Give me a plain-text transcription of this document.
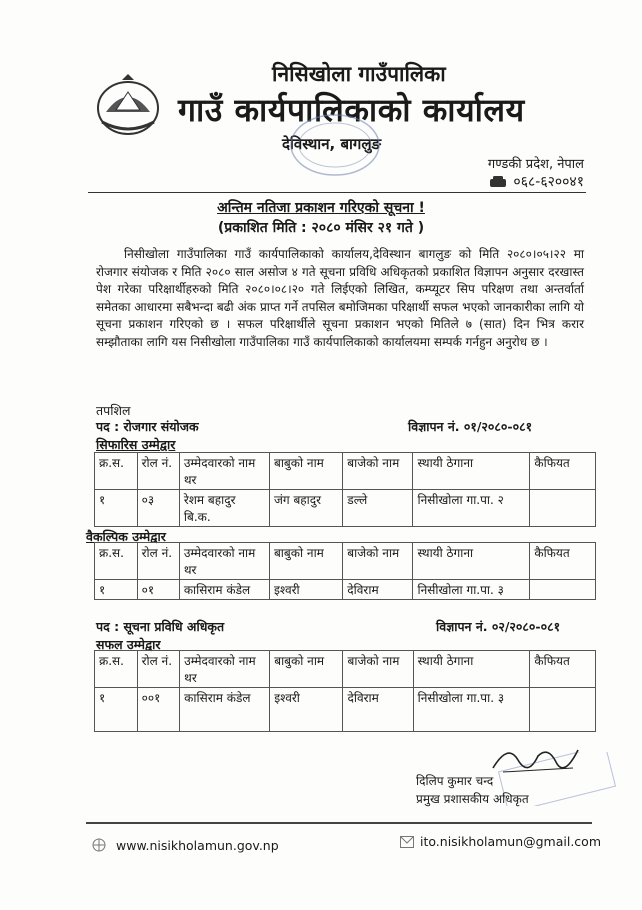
निसिखोला गाउँपालिका
गाउँ कार्यपालिकाको कार्यालय
देविस्थान, बागलुङ
गण्डकी प्रदेश, नेपाल
०६८-६२००४१
अन्तिम नतिजा प्रकाशन गरिएको सूचना !
(प्रकाशित मिति : २०८० मंसिर २१ गते )
निसीखोला गाउँपालिका गाउँ कार्यपालिकाको कार्यालय,देविस्थान बागलुङ को मिति २०८०।०५।२२ मा रोजगार संयोजक र मिति २०८० साल असोज ४ गते सूचना प्रविधि अधिकृतको प्रकाशित विज्ञापन अनुसार दरखास्त पेश गरेका परिक्षार्थीहरुको मिति २०८०।०८।२० गते लिईएको लिखित, कम्प्यूटर सिप परिक्षण तथा अन्तर्वार्ता समेतका आधारमा सबैभन्दा बढी अंक प्राप्त गर्ने तपसिल बमोजिमका परिक्षार्थी सफल भएको जानकारीका लागि यो सूचना प्रकाशन गरिएको छ । सफल परिक्षार्थीले सूचना प्रकाशन भएको मितिले ७ (सात) दिन भित्र करार सम्झौताका लागि यस निसीखोला गाउँपालिका गाउँ कार्यपालिकाको कार्यालयमा सम्पर्क गर्नहुन अनुरोध छ ।
तपशिल
पद : रोजगार संयोजक	विज्ञापन नं. ०१/२०८०-०८१
सिफारिस उम्मेद्वार
क्र.स.	रोल नं.	उम्मेदवारको नाम थर	बाबुको नाम	बाजेको नाम	स्थायी ठेगाना	कैफियत
१	०३	रेशम बहादुर बि.क.	जंग बहादुर	डल्ले	निसीखोला गा.पा. २	
वैकल्पिक उम्मेद्वार
क्र.स.	रोल नं.	उम्मेदवारको नाम थर	बाबुको नाम	बाजेको नाम	स्थायी ठेगाना	कैफियत
१	०१	कासिराम कंडेल	इश्वरी	देविराम	निसीखोला गा.पा. ३	
पद : सूचना प्रविधि अधिकृत	विज्ञापन नं. ०२/२०८०-०८१
सफल उम्मेद्वार
क्र.स.	रोल नं.	उम्मेदवारको नाम थर	बाबुको नाम	बाजेको नाम	स्थायी ठेगाना	कैफियत
१	००१	कासिराम कंडेल	इश्वरी	देविराम	निसीखोला गा.पा. ३	
दिलिप कुमार चन्द
प्रमुख प्रशासकीय अधिकृत
www.nisikholamun.gov.np	ito.nisikholamun@gmail.com
